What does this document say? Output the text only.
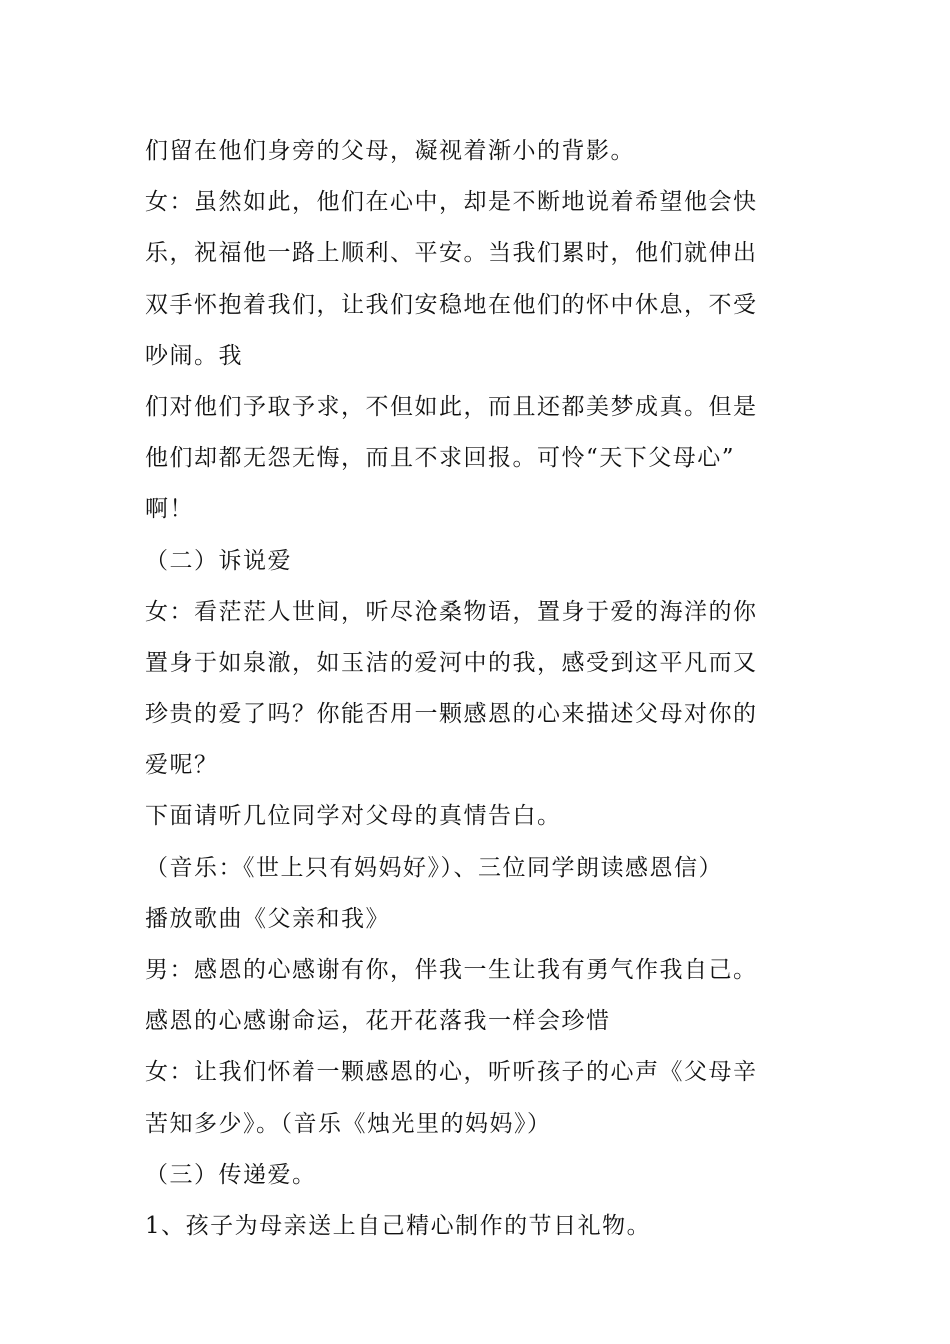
们留在他们身旁的父母，凝视着渐小的背影。
女：虽然如此，他们在心中，却是不断地说着希望他会快
乐，祝福他一路上顺利、平安。当我们累时，他们就伸出
双手怀抱着我们，让我们安稳地在他们的怀中休息，不受
吵闹。我
们对他们予取予求，不但如此，而且还都美梦成真。但是
他们却都无怨无悔，而且不求回报。可怜“天下父母心”
啊！
（二）诉说爱
女：看茫茫人世间，听尽沧桑物语，置身于爱的海洋的你
置身于如泉澈，如玉洁的爱河中的我，感受到这平凡而又
珍贵的爱了吗？你能否用一颗感恩的心来描述父母对你的
爱呢？
下面请听几位同学对父母的真情告白。
（音乐：《世上只有妈妈好》）、三位同学朗读感恩信）
播放歌曲《父亲和我》
男：感恩的心感谢有你，伴我一生让我有勇气作我自己。
感恩的心感谢命运，花开花落我一样会珍惜
女：让我们怀着一颗感恩的心，听听孩子的心声《父母辛
苦知多少》。（音乐《烛光里的妈妈》）
（三）传递爱。
1、孩子为母亲送上自己精心制作的节日礼物。
